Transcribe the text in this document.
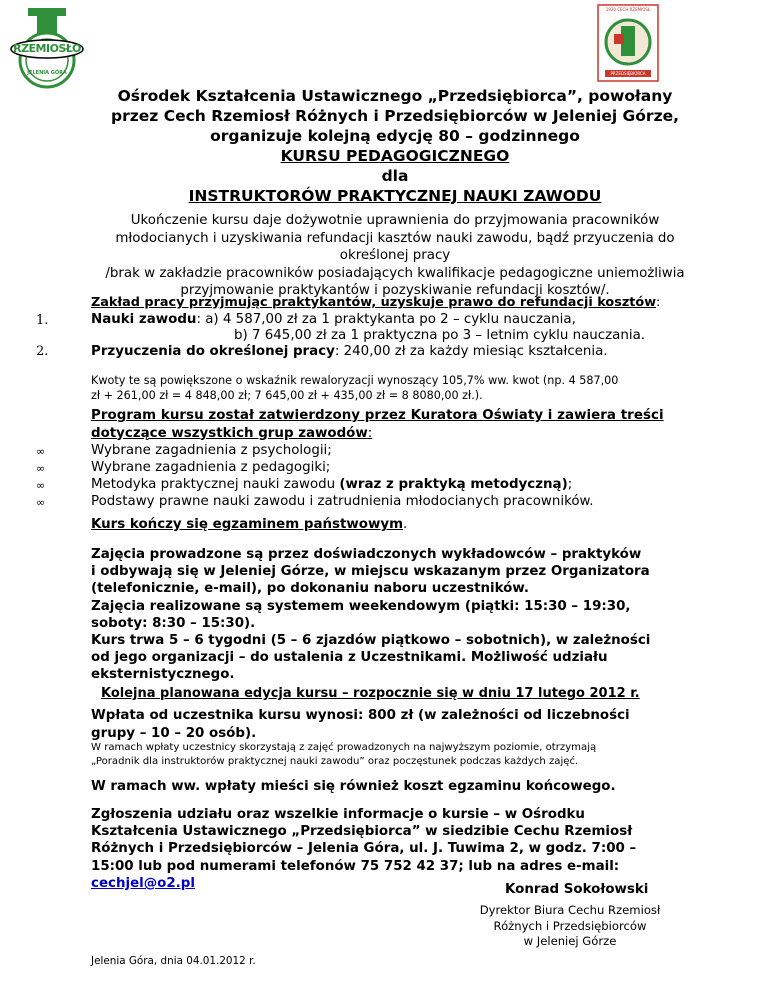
RZEMIOSŁO
JELENIA GÓRA
1920 CECH RZEMIOSŁ
PRZEDSIĘBIORCA
Ośrodek Kształcenia Ustawicznego „Przedsiębiorca”, powołany
przez Cech Rzemiosł Różnych i Przedsiębiorców w Jeleniej Górze,
organizuje kolejną edycję 80 – godzinnego
KURSU PEDAGOGICZNEGO
dla
INSTRUKTORÓW PRAKTYCZNEJ NAUKI ZAWODU
Ukończenie kursu daje dożywotnie uprawnienia do przyjmowania pracowników
młodocianych i uzyskiwania refundacji kasztów nauki zawodu, bądź przyuczenia do
określonej pracy
/brak w zakładzie pracowników posiadających kwalifikacje pedagogiczne uniemożliwia
przyjmowanie praktykantów i pozyskiwanie refundacji kosztów/.
Zakład pracy przyjmując praktykantów, uzyskuje prawo do refundacji kosztów:
1.	Nauki zawodu: a) 4 587,00 zł za 1 praktykanta po 2 – cyklu nauczania,
b) 7 645,00 zł za 1 praktyczna po 3 – letnim cyklu nauczania.
2.	Przyuczenia do określonej pracy: 240,00 zł za każdy miesiąc kształcenia.
Kwoty te są powiększone o wskaźnik rewaloryzacji wynoszący 105,7% ww. kwot (np. 4 587,00
zł + 261,00 zł = 4 848,00 zł; 7 645,00 zł + 435,00 zł = 8 8080,00 zł.).
Program kursu został zatwierdzony przez Kuratora Oświaty i zawiera treści
dotyczące wszystkich grup zawodów:
∞	Wybrane zagadnienia z psychologii;
∞	Wybrane zagadnienia z pedagogiki;
∞	Metodyka praktycznej nauki zawodu (wraz z praktyką metodyczną);
∞	Podstawy prawne nauki zawodu i zatrudnienia młodocianych pracowników.
Kurs kończy się egzaminem państwowym.
Zajęcia prowadzone są przez doświadczonych wykładowców – praktyków
i odbywają się w Jeleniej Górze, w miejscu wskazanym przez Organizatora
(telefonicznie, e-mail), po dokonaniu naboru uczestników.
Zajęcia realizowane są systemem weekendowym (piątki: 15:30 – 19:30,
soboty: 8:30 – 15:30).
Kurs trwa 5 – 6 tygodni (5 – 6 zjazdów piątkowo – sobotnich), w zależności
od jego organizacji – do ustalenia z Uczestnikami. Możliwość udziału
eksternistycznego.
Kolejna planowana edycja kursu – rozpocznie się w dniu 17 lutego 2012 r.
Wpłata od uczestnika kursu wynosi: 800 zł (w zależności od liczebności
grupy – 10 – 20 osób).
W ramach wpłaty uczestnicy skorzystają z zajęć prowadzonych na najwyższym poziomie, otrzymają
„Poradnik dla instruktorów praktycznej nauki zawodu” oraz poczęstunek podczas każdych zajęć.
W ramach ww. wpłaty mieści się również koszt egzaminu końcowego.
Zgłoszenia udziału oraz wszelkie informacje o kursie – w Ośrodku
Kształcenia Ustawicznego „Przedsiębiorca” w siedzibie Cechu Rzemiosł
Różnych i Przedsiębiorców – Jelenia Góra, ul. J. Tuwima 2, w godz. 7:00 –
15:00 lub pod numerami telefonów 75 752 42 37; lub na adres e-mail:
cechjel@o2.pl	Konrad Sokołowski
Dyrektor Biura Cechu Rzemiosł
Różnych i Przedsiębiorców
w Jeleniej Górze
Jelenia Góra, dnia 04.01.2012 r.
